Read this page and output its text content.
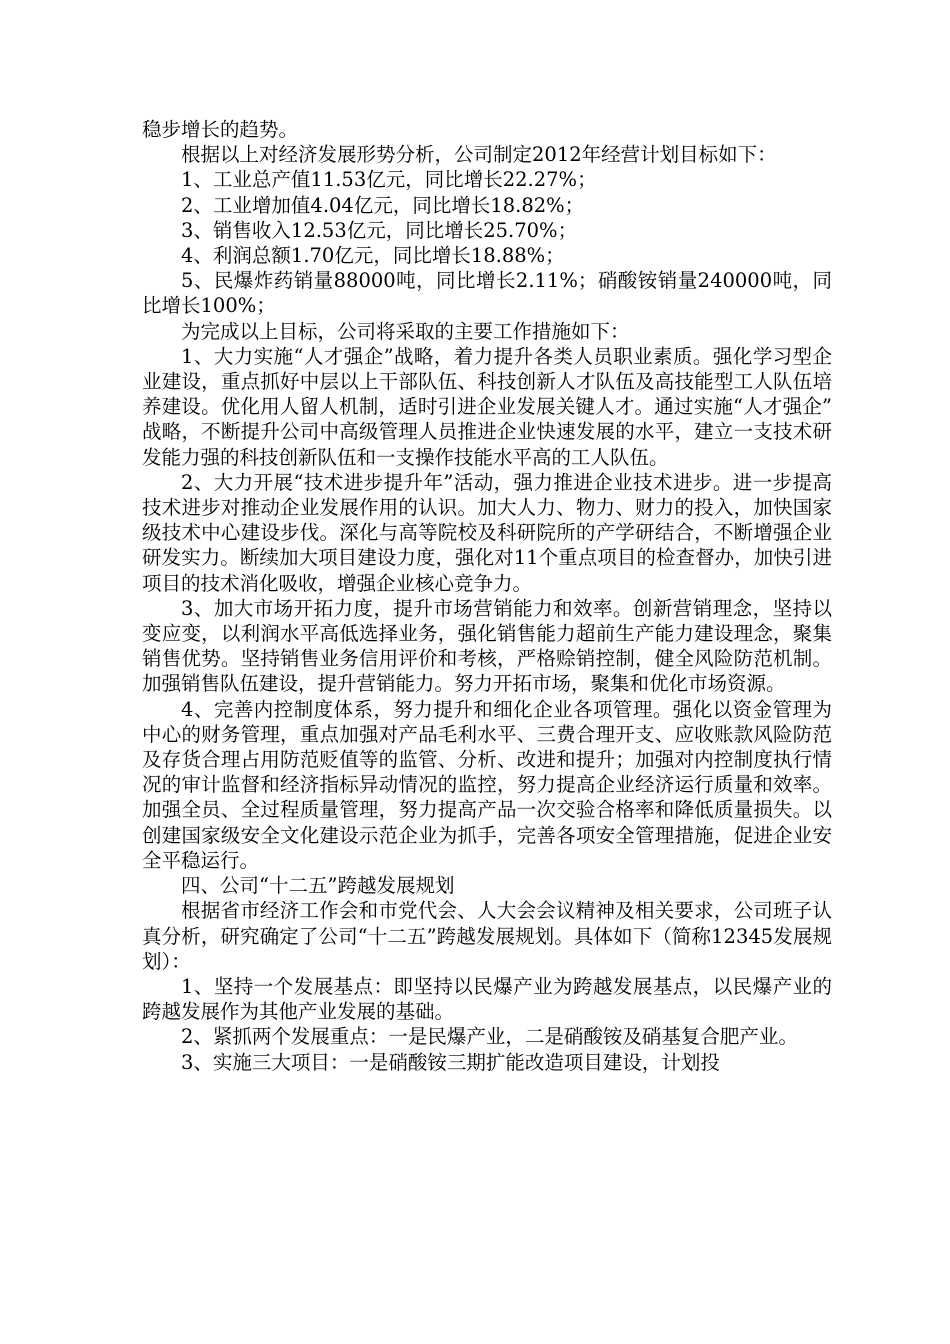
稳步增长的趋势。

根据以上对经济发展形势分析，公司制定2012年经营计划目标如下：

1、工业总产值11.53亿元，同比增长22.27%；

2、工业增加值4.04亿元，同比增长18.82%；

3、销售收入12.53亿元，同比增长25.70%；

4、利润总额1.70亿元，同比增长18.88%；

5、民爆炸药销量88000吨，同比增长2.11%；硝酸铵销量240000吨，同比增长100%；

为完成以上目标，公司将采取的主要工作措施如下：

1、大力实施“人才强企”战略，着力提升各类人员职业素质。强化学习型企业建设，重点抓好中层以上干部队伍、科技创新人才队伍及高技能型工人队伍培养建设。优化用人留人机制，适时引进企业发展关键人才。通过实施“人才强企”战略，不断提升公司中高级管理人员推进企业快速发展的水平，建立一支技术研发能力强的科技创新队伍和一支操作技能水平高的工人队伍。

2、大力开展“技术进步提升年”活动，强力推进企业技术进步。进一步提高技术进步对推动企业发展作用的认识。加大人力、物力、财力的投入，加快国家级技术中心建设步伐。深化与高等院校及科研院所的产学研结合，不断增强企业研发实力。断续加大项目建设力度，强化对11个重点项目的检查督办，加快引进项目的技术消化吸收，增强企业核心竞争力。

3、加大市场开拓力度，提升市场营销能力和效率。创新营销理念，坚持以变应变，以利润水平高低选择业务，强化销售能力超前生产能力建设理念，聚集销售优势。坚持销售业务信用评价和考核，严格赊销控制，健全风险防范机制。加强销售队伍建设，提升营销能力。努力开拓市场，聚集和优化市场资源。

4、完善内控制度体系，努力提升和细化企业各项管理。强化以资金管理为中心的财务管理，重点加强对产品毛利水平、三费合理开支、应收账款风险防范及存货合理占用防范贬值等的监管、分析、改进和提升；加强对内控制度执行情况的审计监督和经济指标异动情况的监控，努力提高企业经济运行质量和效率。加强全员、全过程质量管理，努力提高产品一次交验合格率和降低质量损失。以创建国家级安全文化建设示范企业为抓手，完善各项安全管理措施，促进企业安全平稳运行。

四、公司“十二五”跨越发展规划

根据省市经济工作会和市党代会、人大会会议精神及相关要求，公司班子认真分析，研究确定了公司“十二五”跨越发展规划。具体如下（简称12345发展规划）：

1、坚持一个发展基点：即坚持以民爆产业为跨越发展基点，以民爆产业的跨越发展作为其他产业发展的基础。

2、紧抓两个发展重点：一是民爆产业，二是硝酸铵及硝基复合肥产业。

3、实施三大项目：一是硝酸铵三期扩能改造项目建设，计划投
